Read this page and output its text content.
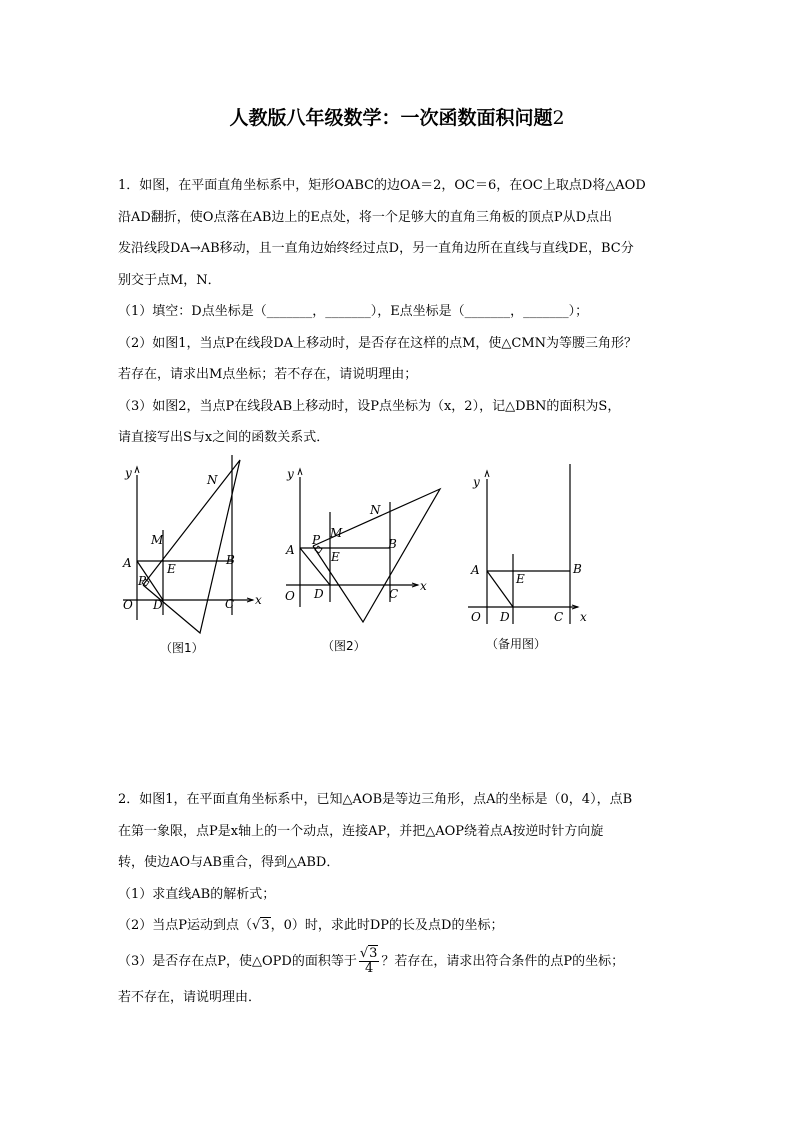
人教版八年级数学：一次函数面积问题2
1．如图，在平面直角坐标系中，矩形OABC的边OA＝2，OC＝6，在OC上取点D将△AOD
沿AD翻折，使O点落在AB边上的E点处，将一个足够大的直角三角板的顶点P从D点出
发沿线段DA→AB移动，且一直角边始终经过点D，另一直角边所在直线与直线DE，BC分
别交于点M，N．
（1）填空：D点坐标是（_______，_______），E点坐标是（_______，_______）；
（2）如图1，当点P在线段DA上移动时，是否存在这样的点M，使△CMN为等腰三角形？
若存在，请求出M点坐标；若不存在，请说明理由；
（3）如图2，当点P在线段AB上移动时，设P点坐标为（x，2），记△DBN的面积为S，
请直接写出S与x之间的函数关系式．
y
x
N
M
A	B
E
P
O D	C
（图1）
y
x
N
M
A	B
E
P
O D	C
（图2）
y
x
A	B
E
O D	C
（备用图）
2．如图1，在平面直角坐标系中，已知△AOB是等边三角形，点A的坐标是（0，4），点B
在第一象限，点P是x轴上的一个动点，连接AP，并把△AOP绕着点A按逆时针方向旋
转，使边AO与AB重合，得到△ABD．
（1）求直线AB的解析式；
（2）当点P运动到点（√3，0）时，求此时DP的长及点D的坐标；
（3）是否存在点P，使△OPD的面积等于 $\frac{√3}{4}$ ？若存在，请求出符合条件的点P的坐标；
若不存在，请说明理由．
